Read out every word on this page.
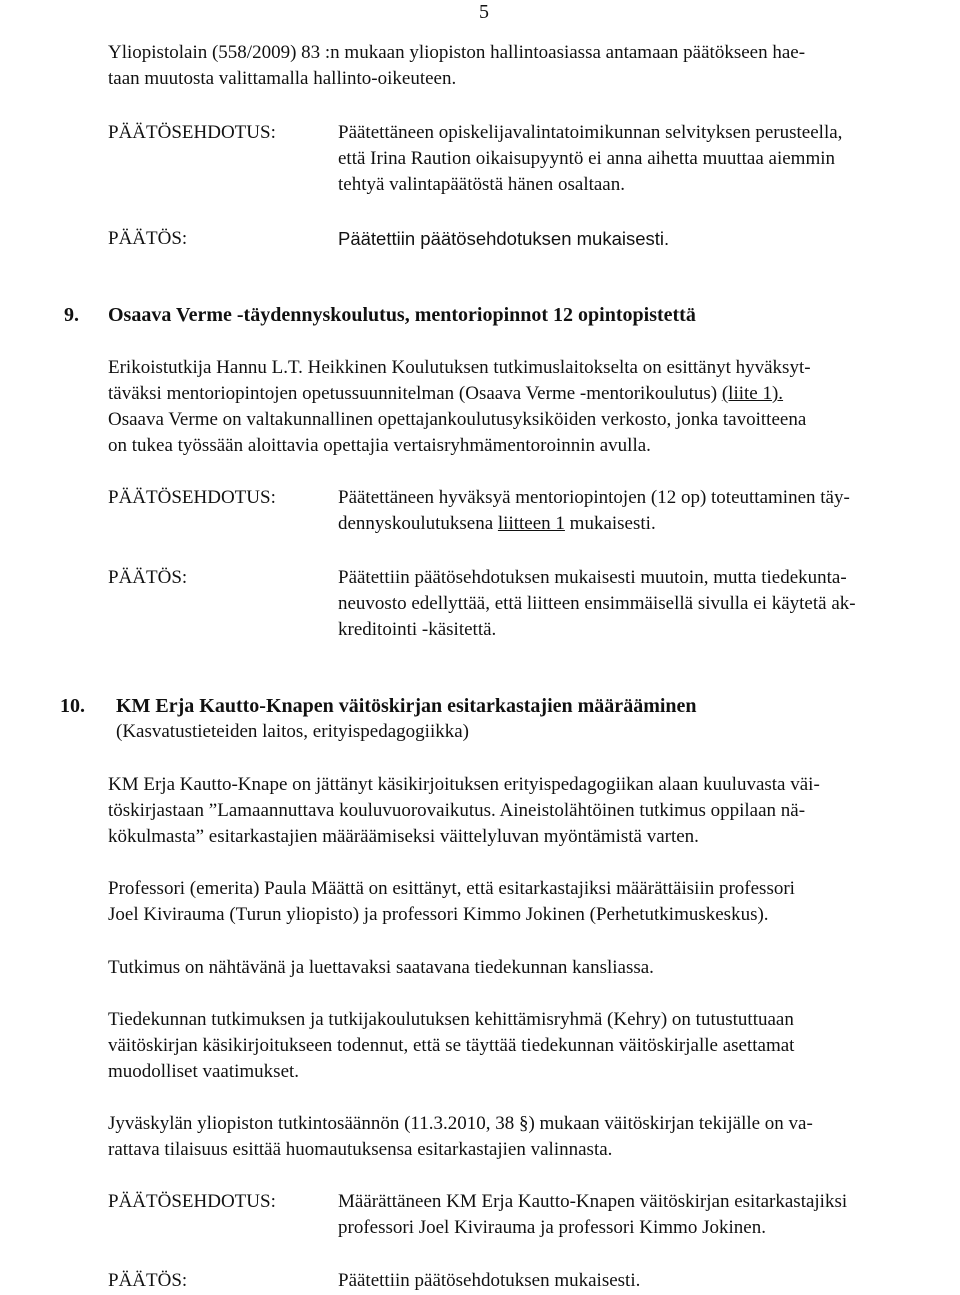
5

Yliopistolain (558/2009) 83 :n mukaan yliopiston hallintoasiassa antamaan päätökseen hae-
taan muutosta valittamalla hallinto-oikeuteen.

PÄÄTÖSEHDOTUS:	Päätettäneen opiskelijavalintatoimikunnan selvityksen perusteella,
että Irina Raution oikaisupyyntö ei anna aihetta muuttaa aiemmin
tehtyä valintapäätöstä hänen osaltaan.
PÄÄTÖS:	Päätettiin päätösehdotuksen mukaisesti.
9. Osaava Verme -täydennyskoulutus, mentoriopinnot 12 opintopistettä

Erikoistutkija Hannu L.T. Heikkinen Koulutuksen tutkimuslaitokselta on esittänyt hyväksyt-
täväksi mentoriopintojen opetussuunnitelman (Osaava Verme -mentorikoulutus) (liite 1).
Osaava Verme on valtakunnallinen opettajankoulutusyksiköiden verkosto, jonka tavoitteena
on tukea työssään aloittavia opettajia vertaisryhmämentoroinnin avulla.

PÄÄTÖSEHDOTUS:	Päätettäneen hyväksyä mentoriopintojen (12 op) toteuttaminen täy-
dennyskoulutuksena liitteen 1 mukaisesti.
PÄÄTÖS:	Päätettiin päätösehdotuksen mukaisesti muutoin, mutta tiedekunta-
neuvosto edellyttää, että liitteen ensimmäisellä sivulla ei käytetä ak-
kreditointi -käsitettä.
10. KM Erja Kautto-Knapen väitöskirjan esitarkastajien määrääminen
(Kasvatustieteiden laitos, erityispedagogiikka)

KM Erja Kautto-Knape on jättänyt käsikirjoituksen erityispedagogiikan alaan kuuluvasta väi-
töskirjastaan ”Lamaannuttava kouluvuorovaikutus. Aineistolähtöinen tutkimus oppilaan nä-
kökulmasta” esitarkastajien määräämiseksi väittelyluvan myöntämistä varten.

Professori (emerita) Paula Määttä on esittänyt, että esitarkastajiksi määrättäisiin professori
Joel Kivirauma (Turun yliopisto) ja professori Kimmo Jokinen (Perhetutkimuskeskus).

Tutkimus on nähtävänä ja luettavaksi saatavana tiedekunnan kansliassa.

Tiedekunnan tutkimuksen ja tutkijakoulutuksen kehittämisryhmä (Kehry) on tutustuttuaan
väitöskirjan käsikirjoitukseen todennut, että se täyttää tiedekunnan väitöskirjalle asettamat
muodolliset vaatimukset.

Jyväskylän yliopiston tutkintosäännön (11.3.2010, 38 §) mukaan väitöskirjan tekijälle on va-
rattava tilaisuus esittää huomautuksensa esitarkastajien valinnasta.

PÄÄTÖSEHDOTUS:	Määrättäneen KM Erja Kautto-Knapen väitöskirjan esitarkastajiksi
professori Joel Kivirauma ja professori Kimmo Jokinen.
PÄÄTÖS:	Päätettiin päätösehdotuksen mukaisesti.
